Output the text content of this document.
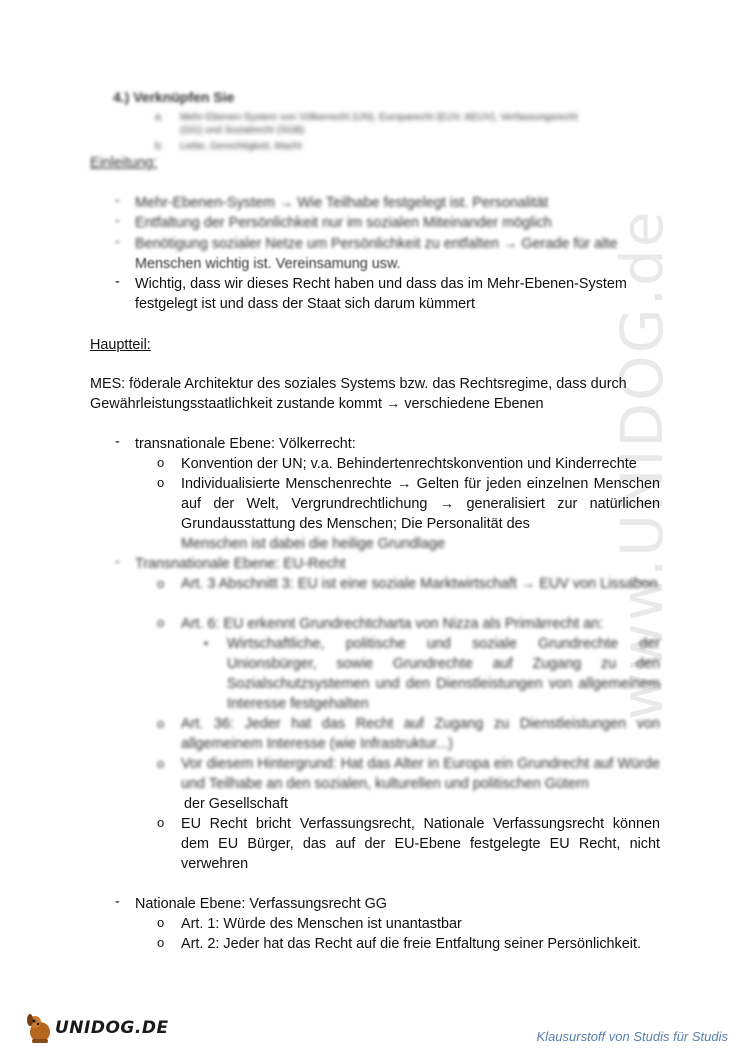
www.UNIDOG.de
4.) Verknüpfen Sie
a. Mehr-Ebenen-System von Völkerrecht (UN), Europarecht (EUV, AEUV), Verfassungsrecht
(GG) und Sozialrecht (SGB)
b. Liebe, Gerechtigkeit, Macht
Einleitung:
- Mehr-Ebenen-System → Wie Teilhabe festgelegt ist. Personalität
- Entfaltung der Persönlichkeit nur im sozialen Miteinander möglich
- Benötigung sozialer Netze um Persönlichkeit zu entfalten → Gerade für alte
Menschen wichtig ist. Vereinsamung usw.
- Wichtig, dass wir dieses Recht haben und dass das im Mehr-Ebenen-System
festgelegt ist und dass der Staat sich darum kümmert
Hauptteil:
MES: föderale Architektur des soziales Systems bzw. das Rechtsregime, dass durch
Gewährleistungsstaatlichkeit zustande kommt → verschiedene Ebenen
- transnationale Ebene: Völkerrecht:
o Konvention der UN; v.a. Behindertenrechtskonvention und Kinderrechte
o Individualisierte Menschenrechte → Gelten für jeden einzelnen Menschen auf der Welt, Vergrundrechtlichung → generalisiert zur natürlichen Grundausstattung des Menschen; Die Personalität des
Menschen ist dabei die heilige Grundlage
- Transnationale Ebene: EU-Recht
o Art. 3 Abschnitt 3: EU ist eine soziale Marktwirtschaft → EUV von Lissabon
o Art. 6: EU erkennt Grundrechtcharta von Nizza als Primärrecht an:
▪ Wirtschaftliche, politische und soziale Grundrechte der Unionsbürger, sowie Grundrechte auf Zugang zu den Sozialschutzsystemen und den Dienstleistungen von allgemeinem Interesse festgehalten
o Art. 36: Jeder hat das Recht auf Zugang zu Dienstleistungen von allgemeinem Interesse (wie Infrastruktur...)
o Vor diesem Hintergrund: Hat das Alter in Europa ein Grundrecht auf Würde und Teilhabe an den sozialen, kulturellen und politischen Gütern
der Gesellschaft
o EU Recht bricht Verfassungsrecht, Nationale Verfassungsrecht können dem EU Bürger, das auf der EU-Ebene festgelegte EU Recht, nicht verwehren
- Nationale Ebene: Verfassungsrecht GG
o Art. 1: Würde des Menschen ist unantastbar
o Art. 2: Jeder hat das Recht auf die freie Entfaltung seiner Persönlichkeit.
UNIDOG.DE	Klausurstoff von Studis für Studis
